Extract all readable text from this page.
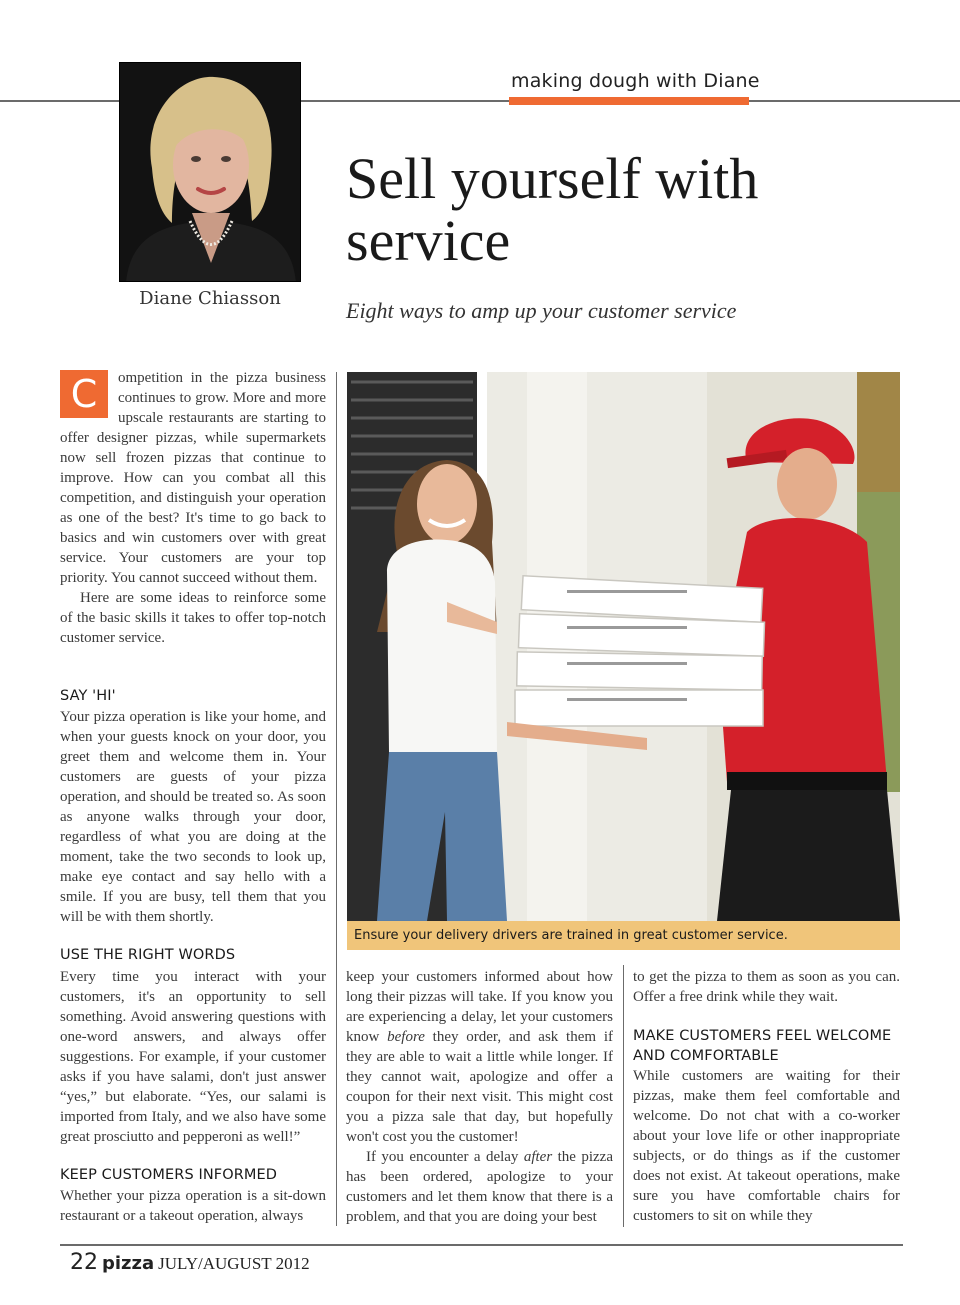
making dough with Diane
Diane Chiasson
Sell yourself with service
Eight ways to amp up your customer service
C	ompetition in the pizza business continues to grow. More and more upscale restaurants are starting to offer designer pizzas, while supermarkets now sell frozen pizzas that continue to improve. How can you combat all this competition, and distinguish your operation as one of the best? It's time to go back to basics and win customers over with great service. Your customers are your top priority. You cannot succeed without them.

Here are some ideas to reinforce some of the basic skills it takes to offer top-notch customer service.

SAY 'HI'
Your pizza operation is like your home, and when your guests knock on your door, you greet them and welcome them in. Your customers are guests of your pizza operation, and should be treated so. As soon as anyone walks through your door, regardless of what you are doing at the moment, take the two seconds to look up, make eye contact and say hello with a smile. If you are busy, tell them that you will be with them shortly.
USE THE RIGHT WORDS
Every time you interact with your customers, it's an opportunity to sell something. Avoid answering questions with one-word answers, and always offer suggestions. For example, if your customer asks if you have salami, don't just answer “yes,” but elaborate. “Yes, our salami is imported from Italy, and we also have some great prosciutto and pepperoni as well!”
KEEP CUSTOMERS INFORMED
Whether your pizza operation is a sit-down restaurant or a takeout operation, always
Ensure your delivery drivers are trained in great customer service.

keep your customers informed about how long their pizzas will take. If you know you are experiencing a delay, let your customers know before they order, and ask them if they are able to wait a little while longer. If they cannot wait, apologize and offer a coupon for their next visit. This might cost you a pizza sale that day, but hopefully won't cost you the customer!

If you encounter a delay after the pizza has been ordered, apologize to your customers and let them know that there is a problem, and that you are doing your best

to get the pizza to them as soon as you can. Offer a free drink while they wait.
MAKE CUSTOMERS FEEL WELCOME AND COMFORTABLE
While customers are waiting for their pizzas, make them feel comfortable and welcome. Do not chat with a co-worker about your love life or other inappropriate subjects, or do things as if the customer does not exist. At takeout operations, make sure you have comfortable chairs for customers to sit on while they
22 pizza JULY/AUGUST 2012
